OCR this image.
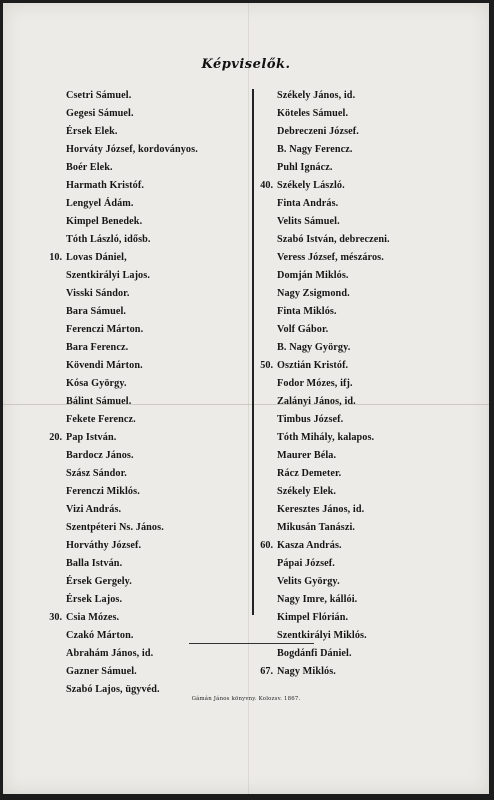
Képviselők.
Csetri Sámuel.
Gegesi Sámuel.
Érsek Elek.
Horváty József, kordoványos.
Boér Elek.
Harmath Kristóf.
Lengyel Ádám.
Kimpel Benedek.
Tóth László, idősb.
10. Lovas Dániel,
Szentkirályi Lajos.
Visski Sándor.
Bara Sámuel.
Ferenczi Márton.
Bara Ferencz.
Kövendi Márton.
Kósa György.
Bálint Sámuel.
Fekete Ferencz.
20. Pap István.
Bardocz János.
Szász Sándor.
Ferenczi Miklós.
Vizi András.
Szentpéteri Ns. János.
Horváthy József.
Balla István.
Érsek Gergely.
Érsek Lajos.
30. Csia Mózes.
Czakó Márton.
Abrahám János, id.
Gazner Sámuel.
Szabó Lajos, ügyvéd.
Székely János, id.
Köteles Sámuel.
Debreczeni József.
B. Nagy Ferencz.
Puhl Ignácz.
40. Székely László.
Finta András.
Velits Sámuel.
Szabó István, debreczeni.
Veress József, mészáros.
Domján Miklós.
Nagy Zsigmond.
Finta Miklós.
Volf Gábor.
B. Nagy György.
50. Osztián Kristóf.
Fodor Mózes, ifj.
Zalányi János, id.
Timbus József.
Tóth Mihály, kalapos.
Maurer Béla.
Rácz Demeter.
Székely Elek.
Keresztes János, id.
Mikusán Tanászi.
60. Kasza András.
Pápai József.
Velits György.
Nagy Imre, kállói.
Kimpel Flórián.
Szentkirályi Miklós.
Bogdánfi Dániel.
67. Nagy Miklós.
Gámán János könyvny. Kolozsv. 1867.
